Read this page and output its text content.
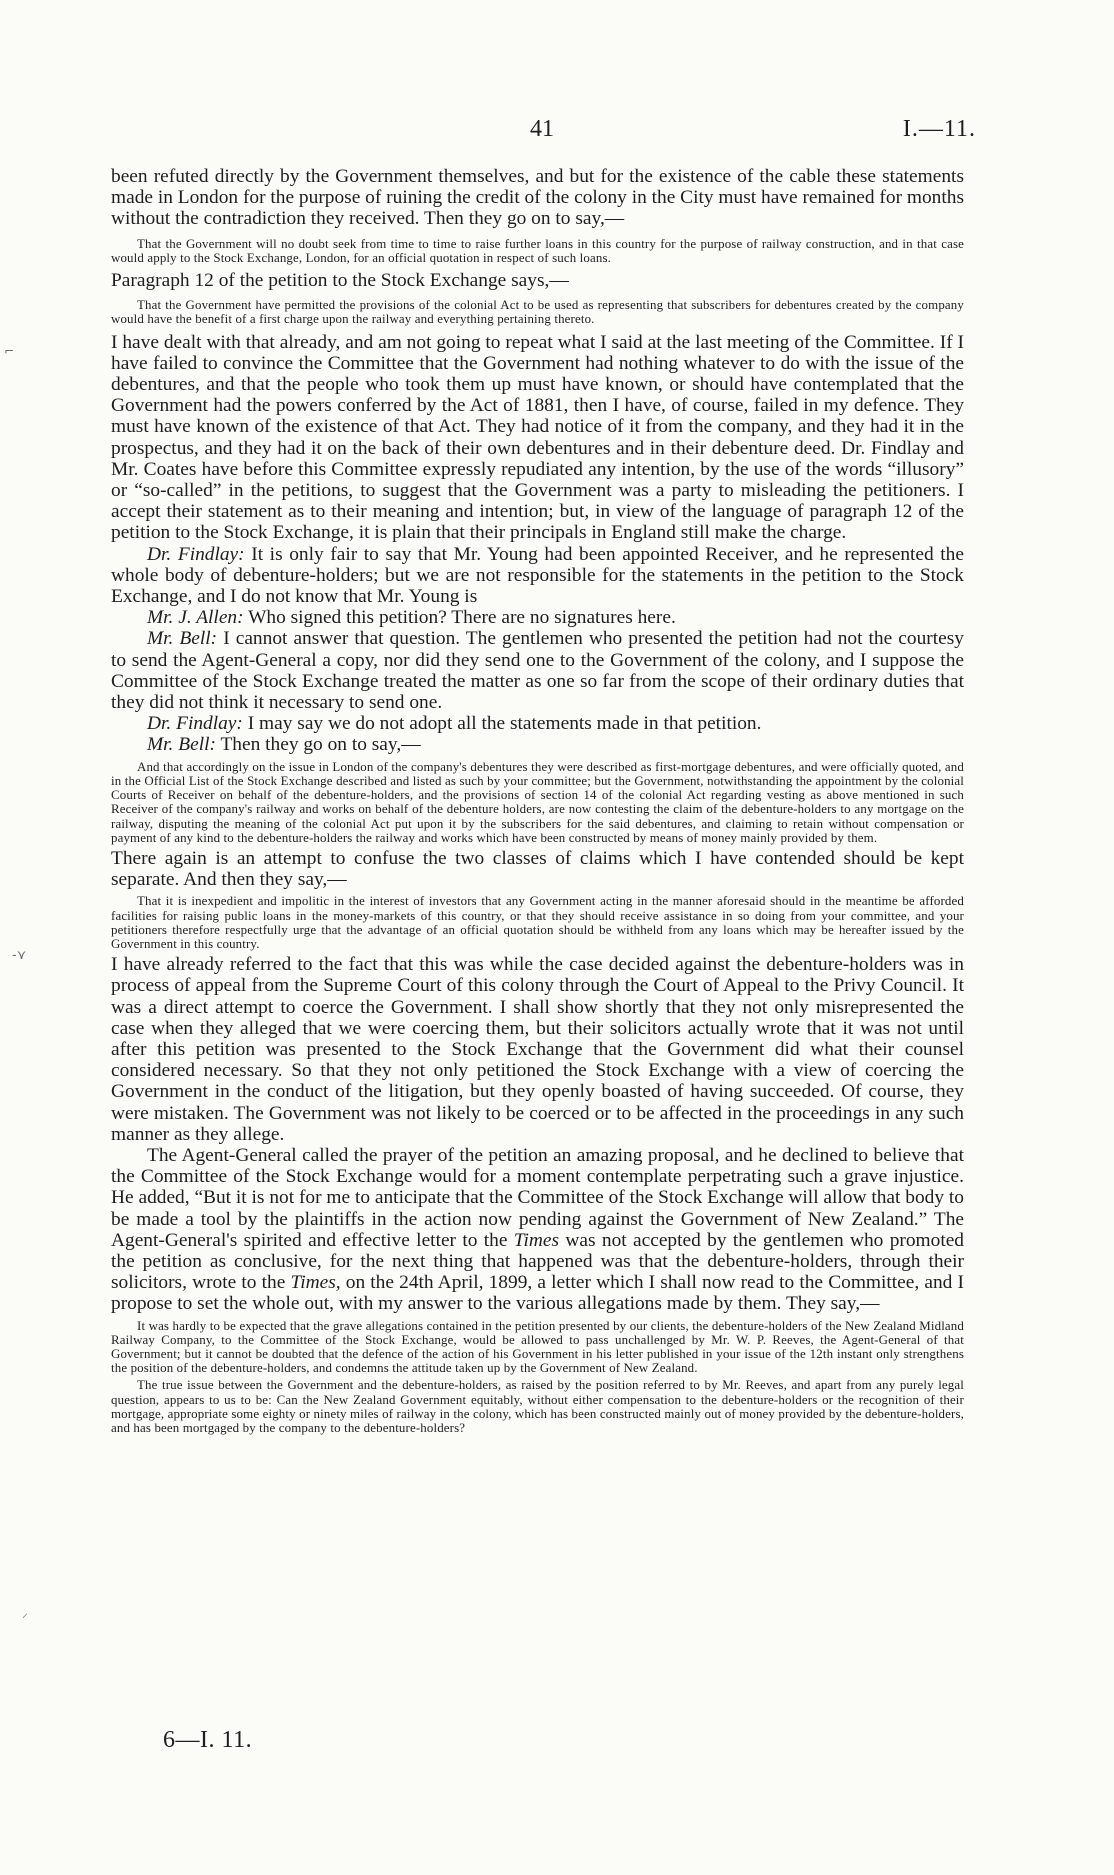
⌐
-⋎
⸝
41	I.—11.

been refuted directly by the Government themselves, and but for the existence of the cable these statements made in London for the purpose of ruining the credit of the colony in the City must have remained for months without the contradiction they received. Then they go on to say,—

That the Government will no doubt seek from time to time to raise further loans in this country for the purpose of railway construction, and in that case would apply to the Stock Exchange, London, for an official quotation in respect of such loans.

Paragraph 12 of the petition to the Stock Exchange says,—

That the Government have permitted the provisions of the colonial Act to be used as representing that subscribers for debentures created by the company would have the benefit of a first charge upon the railway and everything pertaining thereto.

I have dealt with that already, and am not going to repeat what I said at the last meeting of the Committee. If I have failed to convince the Committee that the Government had nothing whatever to do with the issue of the debentures, and that the people who took them up must have known, or should have contemplated that the Government had the powers conferred by the Act of 1881, then I have, of course, failed in my defence. They must have known of the existence of that Act. They had notice of it from the company, and they had it in the prospectus, and they had it on the back of their own debentures and in their debenture deed. Dr. Findlay and Mr. Coates have before this Committee expressly repudiated any intention, by the use of the words “illusory” or “so-called” in the petitions, to suggest that the Government was a party to misleading the petitioners. I accept their statement as to their meaning and intention; but, in view of the language of paragraph 12 of the petition to the Stock Exchange, it is plain that their principals in England still make the charge.

Dr. Findlay: It is only fair to say that Mr. Young had been appointed Receiver, and he represented the whole body of debenture-holders; but we are not responsible for the statements in the petition to the Stock Exchange, and I do not know that Mr. Young is

Mr. J. Allen: Who signed this petition? There are no signatures here.

Mr. Bell: I cannot answer that question. The gentlemen who presented the petition had not the courtesy to send the Agent-General a copy, nor did they send one to the Government of the colony, and I suppose the Committee of the Stock Exchange treated the matter as one so far from the scope of their ordinary duties that they did not think it necessary to send one.

Dr. Findlay: I may say we do not adopt all the statements made in that petition.

Mr. Bell: Then they go on to say,—

And that accordingly on the issue in London of the company's debentures they were described as first-mortgage debentures, and were officially quoted, and in the Official List of the Stock Exchange described and listed as such by your committee; but the Government, notwithstanding the appointment by the colonial Courts of Receiver on behalf of the debenture-holders, and the provisions of section 14 of the colonial Act regarding vesting as above mentioned in such Receiver of the company's railway and works on behalf of the debenture holders, are now contesting the claim of the debenture-holders to any mortgage on the railway, disputing the meaning of the colonial Act put upon it by the subscribers for the said debentures, and claiming to retain without compensation or payment of any kind to the debenture-holders the railway and works which have been constructed by means of money mainly provided by them.

There again is an attempt to confuse the two classes of claims which I have contended should be kept separate. And then they say,—

That it is inexpedient and impolitic in the interest of investors that any Government acting in the manner aforesaid should in the meantime be afforded facilities for raising public loans in the money-markets of this country, or that they should receive assistance in so doing from your committee, and your petitioners therefore respectfully urge that the advantage of an official quotation should be withheld from any loans which may be hereafter issued by the Government in this country.

I have already referred to the fact that this was while the case decided against the debenture-holders was in process of appeal from the Supreme Court of this colony through the Court of Appeal to the Privy Council. It was a direct attempt to coerce the Government. I shall show shortly that they not only misrepresented the case when they alleged that we were coercing them, but their solicitors actually wrote that it was not until after this petition was presented to the Stock Exchange that the Government did what their counsel considered necessary. So that they not only petitioned the Stock Exchange with a view of coercing the Government in the conduct of the litigation, but they openly boasted of having succeeded. Of course, they were mistaken. The Government was not likely to be coerced or to be affected in the proceedings in any such manner as they allege.

The Agent-General called the prayer of the petition an amazing proposal, and he declined to believe that the Committee of the Stock Exchange would for a moment contemplate perpetrating such a grave injustice. He added, “But it is not for me to anticipate that the Committee of the Stock Exchange will allow that body to be made a tool by the plaintiffs in the action now pending against the Government of New Zealand.” The Agent-General's spirited and effective letter to the Times was not accepted by the gentlemen who promoted the petition as conclusive, for the next thing that happened was that the debenture-holders, through their solicitors, wrote to the Times, on the 24th April, 1899, a letter which I shall now read to the Committee, and I propose to set the whole out, with my answer to the various allegations made by them. They say,—

It was hardly to be expected that the grave allegations contained in the petition presented by our clients, the debenture-holders of the New Zealand Midland Railway Company, to the Committee of the Stock Exchange, would be allowed to pass unchallenged by Mr. W. P. Reeves, the Agent-General of that Government; but it cannot be doubted that the defence of the action of his Government in his letter published in your issue of the 12th instant only strengthens the position of the debenture-holders, and condemns the attitude taken up by the Government of New Zealand.

The true issue between the Government and the debenture-holders, as raised by the position referred to by Mr. Reeves, and apart from any purely legal question, appears to us to be: Can the New Zealand Government equitably, without either compensation to the debenture-holders or the recognition of their mortgage, appropriate some eighty or ninety miles of railway in the colony, which has been constructed mainly out of money provided by the debenture-holders, and has been mortgaged by the company to the debenture-holders?

6—I. 11.
